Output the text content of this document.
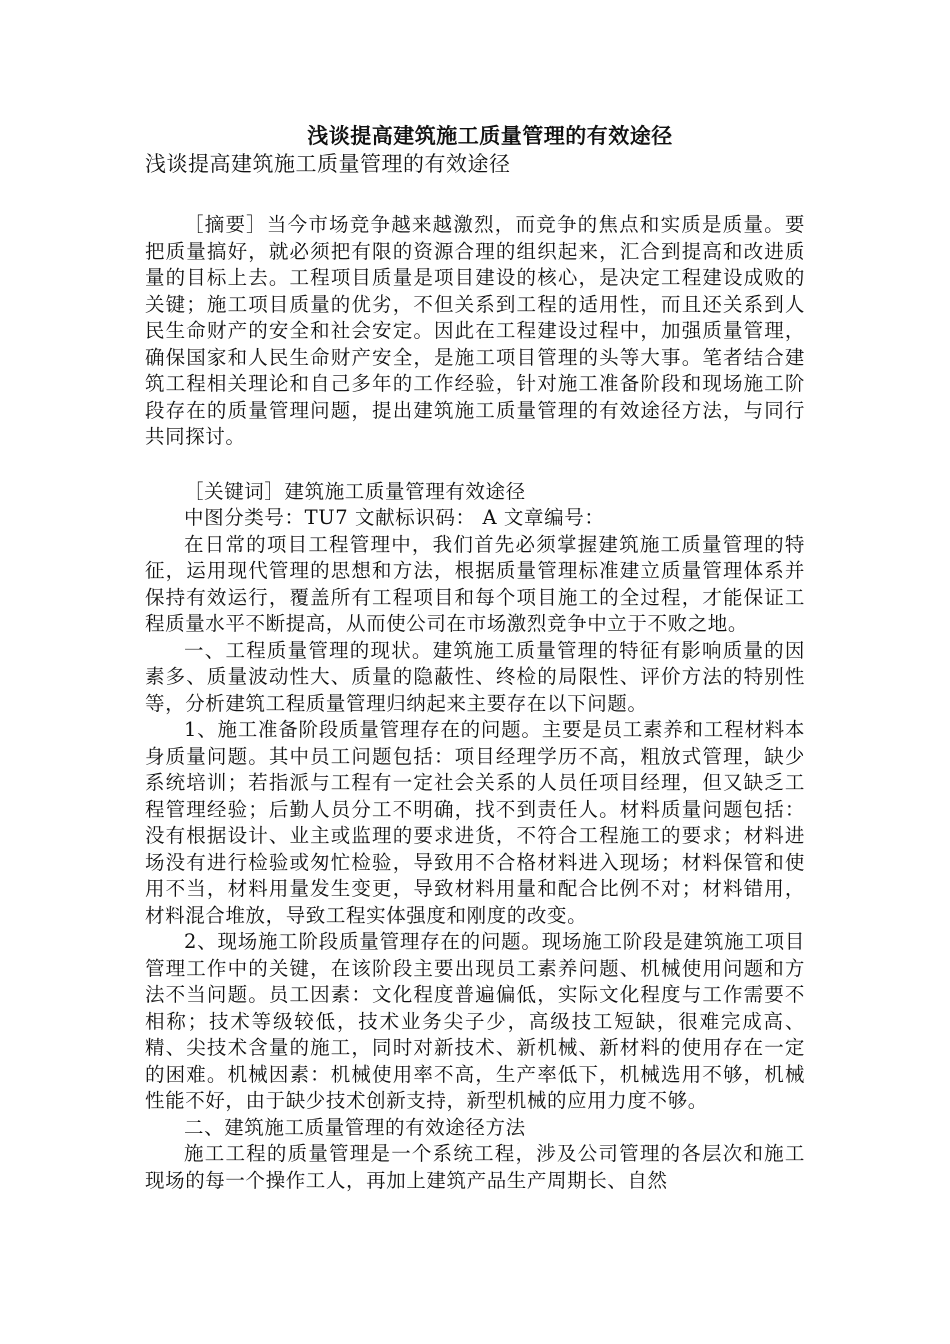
浅谈提高建筑施工质量管理的有效途径

浅谈提高建筑施工质量管理的有效途径

［摘要］当今市场竞争越来越激烈，而竞争的焦点和实质是质量。要把质量搞好，就必须把有限的资源合理的组织起来，汇合到提高和改进质量的目标上去。工程项目质量是项目建设的核心，是决定工程建设成败的关键；施工项目质量的优劣，不但关系到工程的适用性，而且还关系到人民生命财产的安全和社会安定。因此在工程建设过程中，加强质量管理，确保国家和人民生命财产安全，是施工项目管理的头等大事。笔者结合建筑工程相关理论和自己多年的工作经验，针对施工准备阶段和现场施工阶段存在的质量管理问题，提出建筑施工质量管理的有效途径方法，与同行共同探讨。

［关键词］建筑施工质量管理有效途径

中图分类号：TU7 文献标识码： A 文章编号：

在日常的项目工程管理中，我们首先必须掌握建筑施工质量管理的特征，运用现代管理的思想和方法，根据质量管理标准建立质量管理体系并保持有效运行，覆盖所有工程项目和每个项目施工的全过程，才能保证工程质量水平不断提高，从而使公司在市场激烈竞争中立于不败之地。

一、工程质量管理的现状。建筑施工质量管理的特征有影响质量的因素多、质量波动性大、质量的隐蔽性、终检的局限性、评价方法的特别性等，分析建筑工程质量管理归纳起来主要存在以下问题。

1、施工准备阶段质量管理存在的问题。主要是员工素养和工程材料本身质量问题。其中员工问题包括：项目经理学历不高，粗放式管理，缺少系统培训；若指派与工程有一定社会关系的人员任项目经理，但又缺乏工程管理经验；后勤人员分工不明确，找不到责任人。材料质量问题包括：没有根据设计、业主或监理的要求进货，不符合工程施工的要求；材料进场没有进行检验或匆忙检验，导致用不合格材料进入现场；材料保管和使用不当，材料用量发生变更，导致材料用量和配合比例不对；材料错用，材料混合堆放，导致工程实体强度和刚度的改变。

2、现场施工阶段质量管理存在的问题。现场施工阶段是建筑施工项目管理工作中的关键，在该阶段主要出现员工素养问题、机械使用问题和方法不当问题。员工因素：文化程度普遍偏低，实际文化程度与工作需要不相称；技术等级较低，技术业务尖子少，高级技工短缺，很难完成高、精、尖技术含量的施工，同时对新技术、新机械、新材料的使用存在一定的困难。机械因素：机械使用率不高，生产率低下，机械选用不够，机械性能不好，由于缺少技术创新支持，新型机械的应用力度不够。

二、建筑施工质量管理的有效途径方法

施工工程的质量管理是一个系统工程，涉及公司管理的各层次和施工现场的每一个操作工人，再加上建筑产品生产周期长、自然
